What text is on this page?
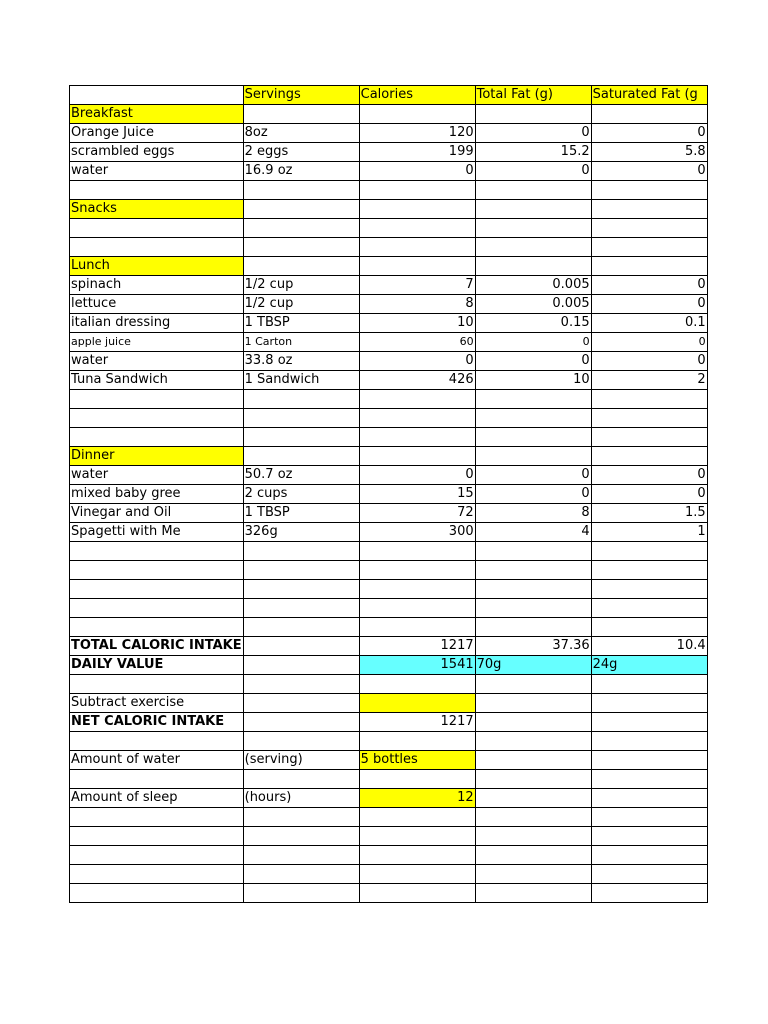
	Servings	Calories	Total Fat (g)	Saturated Fat (g
Breakfast				
Orange Juice	8oz	120	0	0
scrambled eggs	2 eggs	199	15.2	5.8
water	16.9 oz	0	0	0

Snacks				

Lunch				
spinach	1/2 cup	7	0.005	0
lettuce	1/2 cup	8	0.005	0
italian dressing	1 TBSP	10	0.15	0.1
apple juice	1 Carton	60	0	0
water	33.8 oz	0	0	0
Tuna Sandwich	1 Sandwich	426	10	2

Dinner				
water	50.7 oz	0	0	0
mixed baby gree	2 cups	15	0	0
Vinegar and Oil	1 TBSP	72	8	1.5
Spagetti with Me	326g	300	4	1

TOTAL CALORIC INTAKE		1217	37.36	10.4
DAILY VALUE		1541	70g	24g

Subtract exercise				
NET CALORIC INTAKE		1217		

Amount of water	(serving)	5 bottles		

Amount of sleep	(hours)	12		
